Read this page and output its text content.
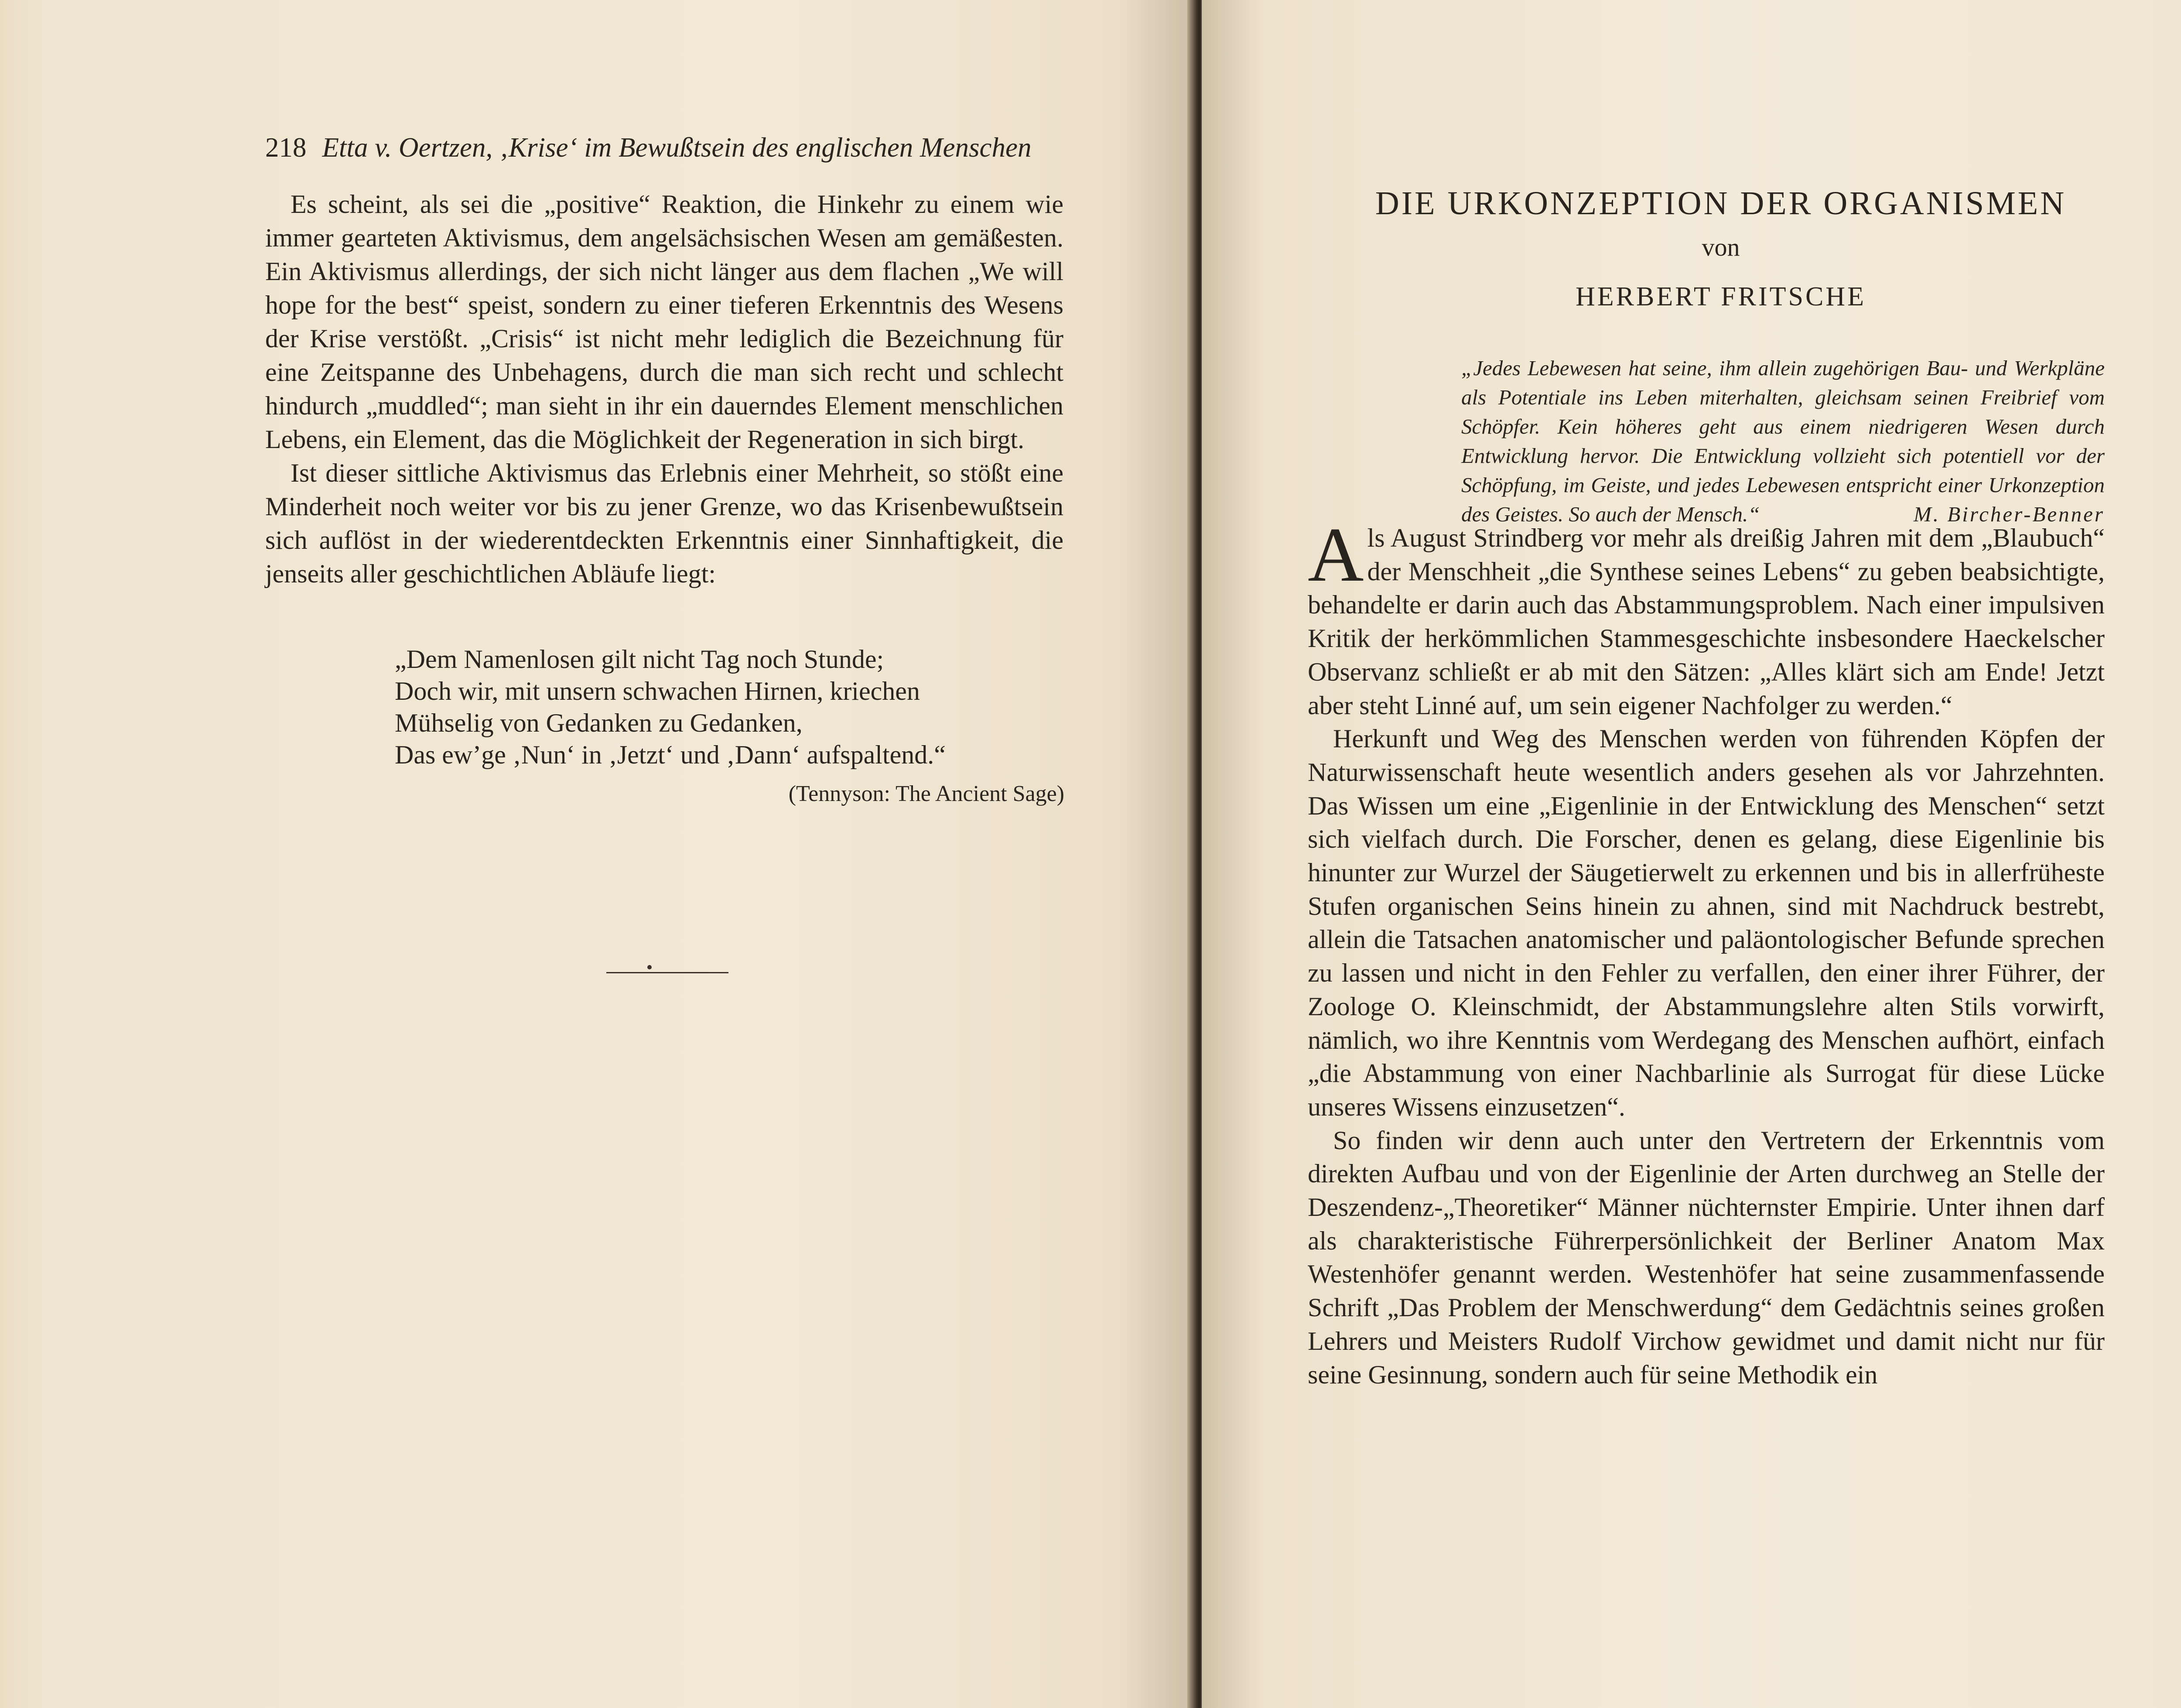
218 Etta v. Oertzen, ‚Krise‘ im Bewußtsein des englischen Menschen

Es scheint, als sei die „positive“ Reaktion, die Hinkehr zu einem wie immer gearteten Aktivismus, dem angelsächsischen Wesen am gemäßesten. Ein Aktivismus allerdings, der sich nicht länger aus dem flachen „We will hope for the best“ speist, sondern zu einer tieferen Erkenntnis des Wesens der Krise verstößt. „Crisis“ ist nicht mehr lediglich die Bezeichnung für eine Zeitspanne des Unbehagens, durch die man sich recht und schlecht hindurch „muddled“; man sieht in ihr ein dauerndes Element menschlichen Lebens, ein Element, das die Möglichkeit der Regeneration in sich birgt.

Ist dieser sittliche Aktivismus das Erlebnis einer Mehrheit, so stößt eine Minderheit noch weiter vor bis zu jener Grenze, wo das Krisenbewußtsein sich auflöst in der wiederentdeckten Erkenntnis einer Sinnhaftigkeit, die jenseits aller geschichtlichen Abläufe liegt:

„Dem Namenlosen gilt nicht Tag noch Stunde;
Doch wir, mit unsern schwachen Hirnen, kriechen
Mühselig von Gedanken zu Gedanken,
Das ew’ge ‚Nun‘ in ‚Jetzt‘ und ‚Dann‘ aufspaltend.“
(Tennyson: The Ancient Sage)
DIE URKONZEPTION DER ORGANISMEN
von
HERBERT FRITSCHE
„Jedes Lebewesen hat seine, ihm allein zugehörigen Bau- und Werkpläne als Potentiale ins Leben miterhalten, gleichsam seinen Freibrief vom Schöpfer. Kein höheres geht aus einem niedrigeren Wesen durch Entwicklung hervor. Die Entwicklung vollzieht sich potentiell vor der Schöpfung, im Geiste, und jedes Lebewesen entspricht einer Urkonzeption des Geistes. So auch der Mensch.“	M. Bircher-Benner

Als August Strindberg vor mehr als dreißig Jahren mit dem „Blaubuch“ der Menschheit „die Synthese seines Lebens“ zu geben beabsichtigte, behandelte er darin auch das Abstammungsproblem. Nach einer impulsiven Kritik der herkömmlichen Stammesgeschichte insbesondere Haeckelscher Observanz schließt er ab mit den Sätzen: „Alles klärt sich am Ende! Jetzt aber steht Linné auf, um sein eigener Nachfolger zu werden.“

Herkunft und Weg des Menschen werden von führenden Köpfen der Naturwissenschaft heute wesentlich anders gesehen als vor Jahrzehnten. Das Wissen um eine „Eigenlinie in der Entwicklung des Menschen“ setzt sich vielfach durch. Die Forscher, denen es gelang, diese Eigenlinie bis hinunter zur Wurzel der Säugetierwelt zu erkennen und bis in allerfrüheste Stufen organischen Seins hinein zu ahnen, sind mit Nachdruck bestrebt, allein die Tatsachen anatomischer und paläontologischer Befunde sprechen zu lassen und nicht in den Fehler zu verfallen, den einer ihrer Führer, der Zoologe O. Kleinschmidt, der Abstammungslehre alten Stils vorwirft, nämlich, wo ihre Kenntnis vom Werdegang des Menschen aufhört, einfach „die Abstammung von einer Nachbarlinie als Surrogat für diese Lücke unseres Wissens einzusetzen“.

So finden wir denn auch unter den Vertretern der Erkenntnis vom direkten Aufbau und von der Eigenlinie der Arten durchweg an Stelle der Deszendenz-„Theoretiker“ Männer nüchternster Empirie. Unter ihnen darf als charakteristische Führerpersönlichkeit der Berliner Anatom Max Westenhöfer genannt werden. Westenhöfer hat seine zusammenfassende Schrift „Das Problem der Menschwerdung“ dem Gedächtnis seines großen Lehrers und Meisters Rudolf Virchow gewidmet und damit nicht nur für seine Gesinnung, sondern auch für seine Methodik ein
